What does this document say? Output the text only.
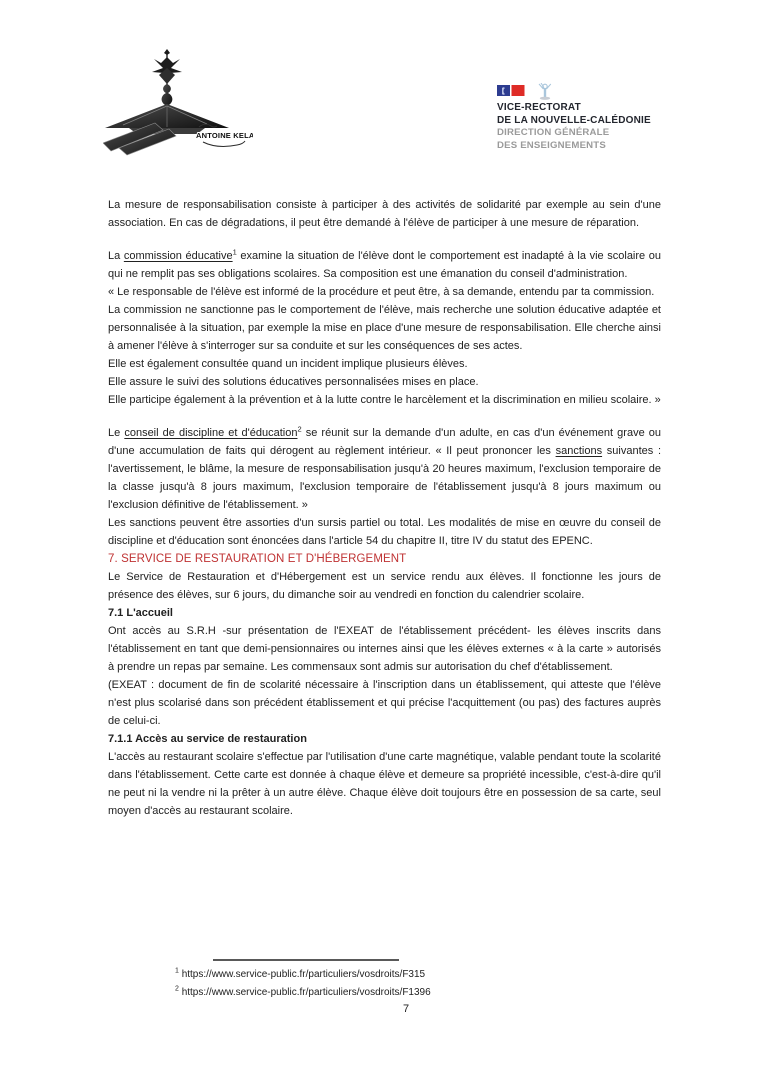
ANTOINE KELA
VICE-RECTORAT
DE LA NOUVELLE-CALÉDONIE
DIRECTION GÉNÉRALE
DES ENSEIGNEMENTS

La mesure de responsabilisation consiste à participer à des activités de solidarité par exemple au sein d'une association. En cas de dégradations, il peut être demandé à l'élève de participer à une mesure de réparation.

La commission éducative$^1$ examine la situation de l'élève dont le comportement est inadapté à la vie scolaire ou qui ne remplit pas ses obligations scolaires. Sa composition est une émanation du conseil d'administration.

« Le responsable de l'élève est informé de la procédure et peut être, à sa demande, entendu par ta commission.

La commission ne sanctionne pas le comportement de l'élève, mais recherche une solution éducative adaptée et personnalisée à la situation, par exemple la mise en place d'une mesure de responsabilisation. Elle cherche ainsi à amener l'élève à s'interroger sur sa conduite et sur les conséquences de ses actes.

Elle est également consultée quand un incident implique plusieurs élèves.

Elle assure le suivi des solutions éducatives personnalisées mises en place.

Elle participe également à la prévention et à la lutte contre le harcèlement et la discrimination en milieu scolaire. »

Le conseil de discipline et d'éducation$^2$ se réunit sur la demande d'un adulte, en cas d'un événement grave ou d'une accumulation de faits qui dérogent au règlement intérieur. « Il peut prononcer les sanctions suivantes : l'avertissement, le blâme, la mesure de responsabilisation jusqu'à 20 heures maximum, l'exclusion temporaire de la classe jusqu'à 8 jours maximum, l'exclusion temporaire de l'établissement jusqu'à 8 jours maximum ou l'exclusion définitive de l'établissement. »

Les sanctions peuvent être assorties d'un sursis partiel ou total. Les modalités de mise en œuvre du conseil de discipline et d'éducation sont énoncées dans l'article 54 du chapitre II, titre IV du statut des EPENC.

7. SERVICE DE RESTAURATION ET D'HÉBERGEMENT

Le Service de Restauration et d'Hébergement est un service rendu aux élèves. Il fonctionne les jours de présence des élèves, sur 6 jours, du dimanche soir au vendredi en fonction du calendrier scolaire.

7.1 L'accueil

Ont accès au S.R.H -sur présentation de l'EXEAT de l'établissement précédent- les élèves inscrits dans l'établissement en tant que demi-pensionnaires ou internes ainsi que les élèves externes « à la carte » autorisés à prendre un repas par semaine. Les commensaux sont admis sur autorisation du chef d'établissement.

(EXEAT : document de fin de scolarité nécessaire à l'inscription dans un établissement, qui atteste que l'élève n'est plus scolarisé dans son précédent établissement et qui précise l'acquittement (ou pas) des factures auprès de celui-ci.

7.1.1 Accès au service de restauration

L'accès au restaurant scolaire s'effectue par l'utilisation d'une carte magnétique, valable pendant toute la scolarité dans l'établissement. Cette carte est donnée à chaque élève et demeure sa propriété incessible, c'est-à-dire qu'il ne peut ni la vendre ni la prêter à un autre élève. Chaque élève doit toujours être en possession de sa carte, seul moyen d'accès au restaurant scolaire.

$^1$ https://www.service-public.fr/particuliers/vosdroits/F315
$^2$ https://www.service-public.fr/particuliers/vosdroits/F1396
7
